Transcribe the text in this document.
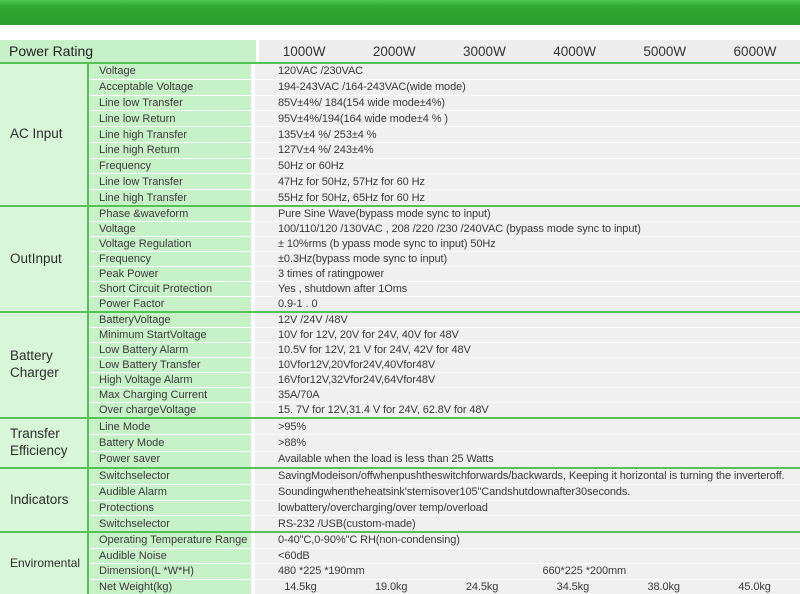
Power Rating	1000W	2000W	3000W	4000W	5000W	6000W
AC Input
Voltage	120VAC /230VAC
Acceptable Voltage	194-243VAC /164-243VAC(wide mode)
Line low Transfer	85V±4%/ 184(154 wide mode±4%)
Line low Return	95V±4%/194(164 wide mode±4 % )
Line high Transfer	135V±4 %/ 253±4 %
Line high Return	127V±4 %/ 243±4%
Frequency	50Hz or 60Hz
Line low Transfer	47Hz for 50Hz, 57Hz for 60 Hz
Line high Transfer	55Hz for 50Hz, 65Hz for 60 Hz
OutInput
Phase &waveform	Pure Sine Wave(bypass mode sync to input)
Voltage	100/110/120 /130VAC , 208 /220 /230 /240VAC (bypass mode sync to input)
Voltage Regulation	± 10%rms (b ypass mode sync to input) 50Hz
Frequency	±0.3Hz(bypass mode sync to input)
Peak Power	3 times of ratingpower
Short Circuit Protection	Yes , shutdown after 1Oms
Power Factor	0.9-1 . 0
Battery Charger
BatteryVoltage	12V /24V /48V
Minimum StartVoltage	10V for 12V, 20V for 24V, 40V for 48V
Low Battery Alarm	10.5V for 12V, 21 V for 24V, 42V for 48V
Low Battery Transfer	10Vfor12V,20Vfor24V,40Vfor48V
High Voltage Alarm	16Vfor12V,32Vfor24V,64Vfor48V
Max Charging Current	35A/70A
Over chargeVoltage	15. 7V for 12V,31.4 V for 24V, 62.8V for 48V
Transfer Efficiency
Line Mode	>95%
Battery Mode	>88%
Power saver	Available when the load is less than 25 Watts
Indicators
Switchselector	SavingModeison/offwhenpushtheswitchforwards/backwards, Keeping it horizontal is turning the inverteroff.
Audible Alarm	Soundingwhentheheatsink'sternisover105"Candshutdownafter30seconds.
Protections	lowbattery/overcharging/over temp/overload
Switchselector	RS-232 /USB(custom-made)
Enviromental
Operating Temperature Range	0-40"C,0-90%"C RH(non-condensing)
Audible Noise	<60dB
Dimension(L *W*H)	480 *225 *190mm	660*225 *200mm
Net Weight(kg)	14.5kg	19.0kg	24.5kg	34.5kg	38.0kg	45.0kg
